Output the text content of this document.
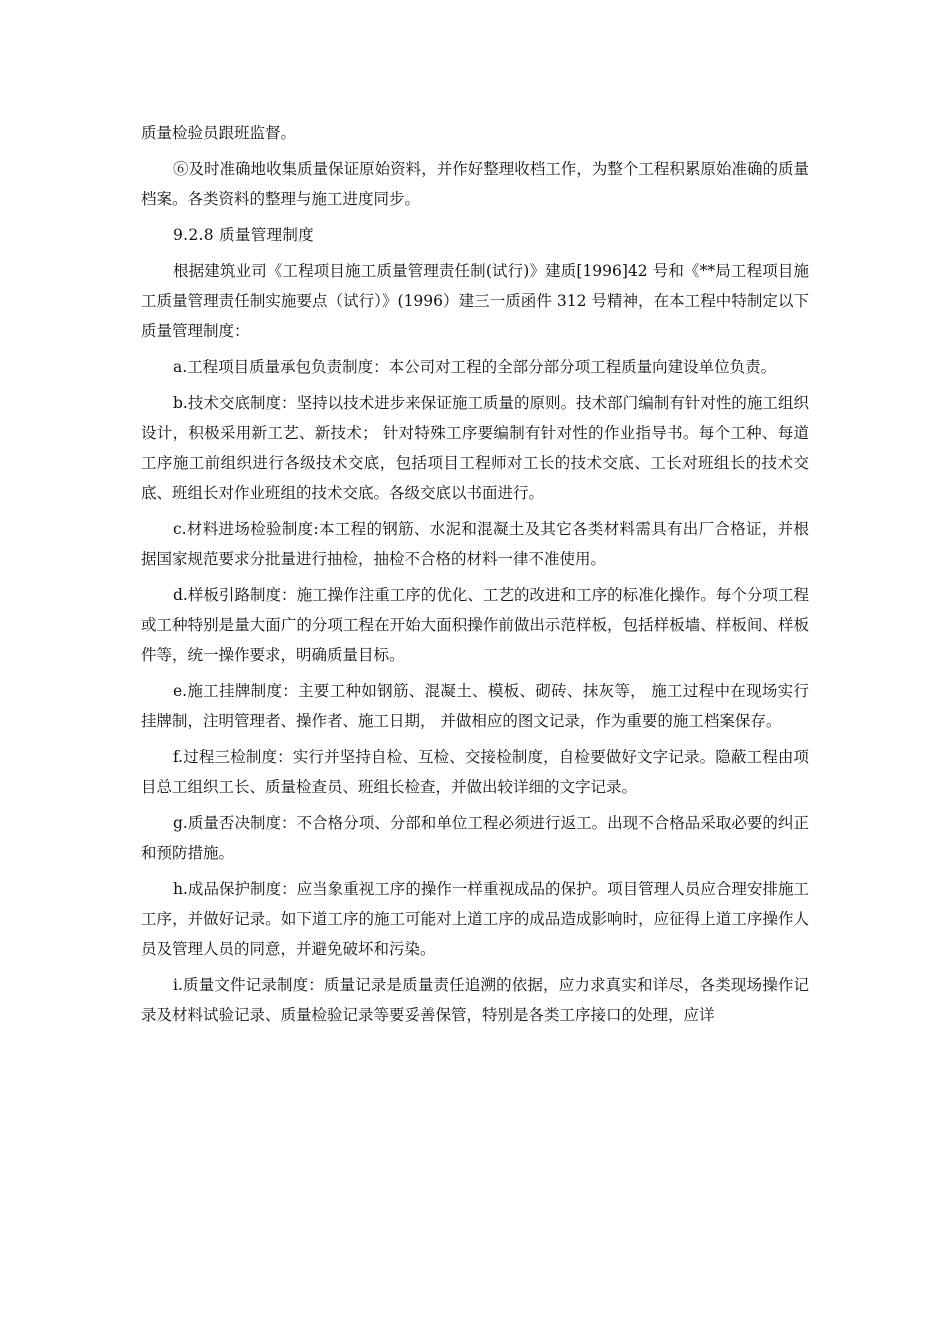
质量检验员跟班监督。

⑥及时准确地收集质量保证原始资料，并作好整理收档工作，为整个工程积累原始准确的质量档案。各类资料的整理与施工进度同步。

9.2.8 质量管理制度

根据建筑业司《工程项目施工质量管理责任制(试行)》建质[1996]42 号和《**局工程项目施工质量管理责任制实施要点（试行）》(1996）建三一质函件 312 号精神，在本工程中特制定以下质量管理制度：

a.工程项目质量承包负责制度：本公司对工程的全部分部分项工程质量向建设单位负责。

b.技术交底制度：坚持以技术进步来保证施工质量的原则。技术部门编制有针对性的施工组织设计，积极采用新工艺、新技术； 针对特殊工序要编制有针对性的作业指导书。每个工种、每道工序施工前组织进行各级技术交底，包括项目工程师对工长的技术交底、工长对班组长的技术交底、班组长对作业班组的技术交底。各级交底以书面进行。

c.材料进场检验制度:本工程的钢筋、水泥和混凝土及其它各类材料需具有出厂合格证，并根据国家规范要求分批量进行抽检，抽检不合格的材料一律不准使用。

d.样板引路制度：施工操作注重工序的优化、工艺的改进和工序的标准化操作。每个分项工程或工种特别是量大面广的分项工程在开始大面积操作前做出示范样板，包括样板墙、样板间、样板件等，统一操作要求，明确质量目标。

e.施工挂牌制度：主要工种如钢筋、混凝土、模板、砌砖、抹灰等， 施工过程中在现场实行挂牌制，注明管理者、操作者、施工日期， 并做相应的图文记录，作为重要的施工档案保存。

f.过程三检制度：实行并坚持自检、互检、交接检制度，自检要做好文字记录。隐蔽工程由项目总工组织工长、质量检查员、班组长检查，并做出较详细的文字记录。

g.质量否决制度：不合格分项、分部和单位工程必须进行返工。出现不合格品采取必要的纠正和预防措施。

h.成品保护制度：应当象重视工序的操作一样重视成品的保护。项目管理人员应合理安排施工工序，并做好记录。如下道工序的施工可能对上道工序的成品造成影响时，应征得上道工序操作人员及管理人员的同意，并避免破坏和污染。

i.质量文件记录制度：质量记录是质量责任追溯的依据，应力求真实和详尽，各类现场操作记录及材料试验记录、质量检验记录等要妥善保管，特别是各类工序接口的处理，应详
